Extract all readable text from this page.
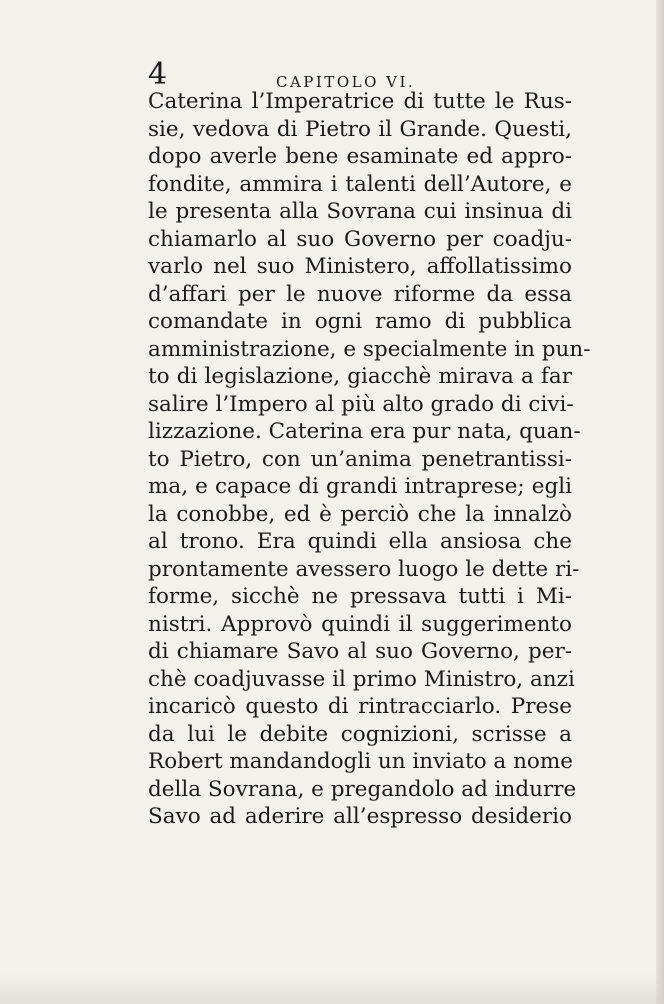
4	CAPITOLO VI.
Caterina l’Imperatrice di tutte le Rus-
sie, vedova di Pietro il Grande. Questi,
dopo averle bene esaminate ed appro-
fondite, ammira i talenti dell’Autore, e
le presenta alla Sovrana cui insinua di
chiamarlo al suo Governo per coadju-
varlo nel suo Ministero, affollatissimo
d’affari per le nuove riforme da essa
comandate in ogni ramo di pubblica
amministrazione, e specialmente in pun-
to di legislazione, giacchè mirava a far
salire l’Impero al più alto grado di civi-
lizzazione. Caterina era pur nata, quan-
to Pietro, con un’anima penetrantissi-
ma, e capace di grandi intraprese; egli
la conobbe, ed è perciò che la innalzò
al trono. Era quindi ella ansiosa che
prontamente avessero luogo le dette ri-
forme, sicchè ne pressava tutti i Mi-
nistri. Approvò quindi il suggerimento
di chiamare Savo al suo Governo, per-
chè coadjuvasse il primo Ministro, anzi
incaricò questo di rintracciarlo. Prese
da lui le debite cognizioni, scrisse a
Robert mandandogli un inviato a nome
della Sovrana, e pregandolo ad indurre
Savo ad aderire all’espresso desiderio
